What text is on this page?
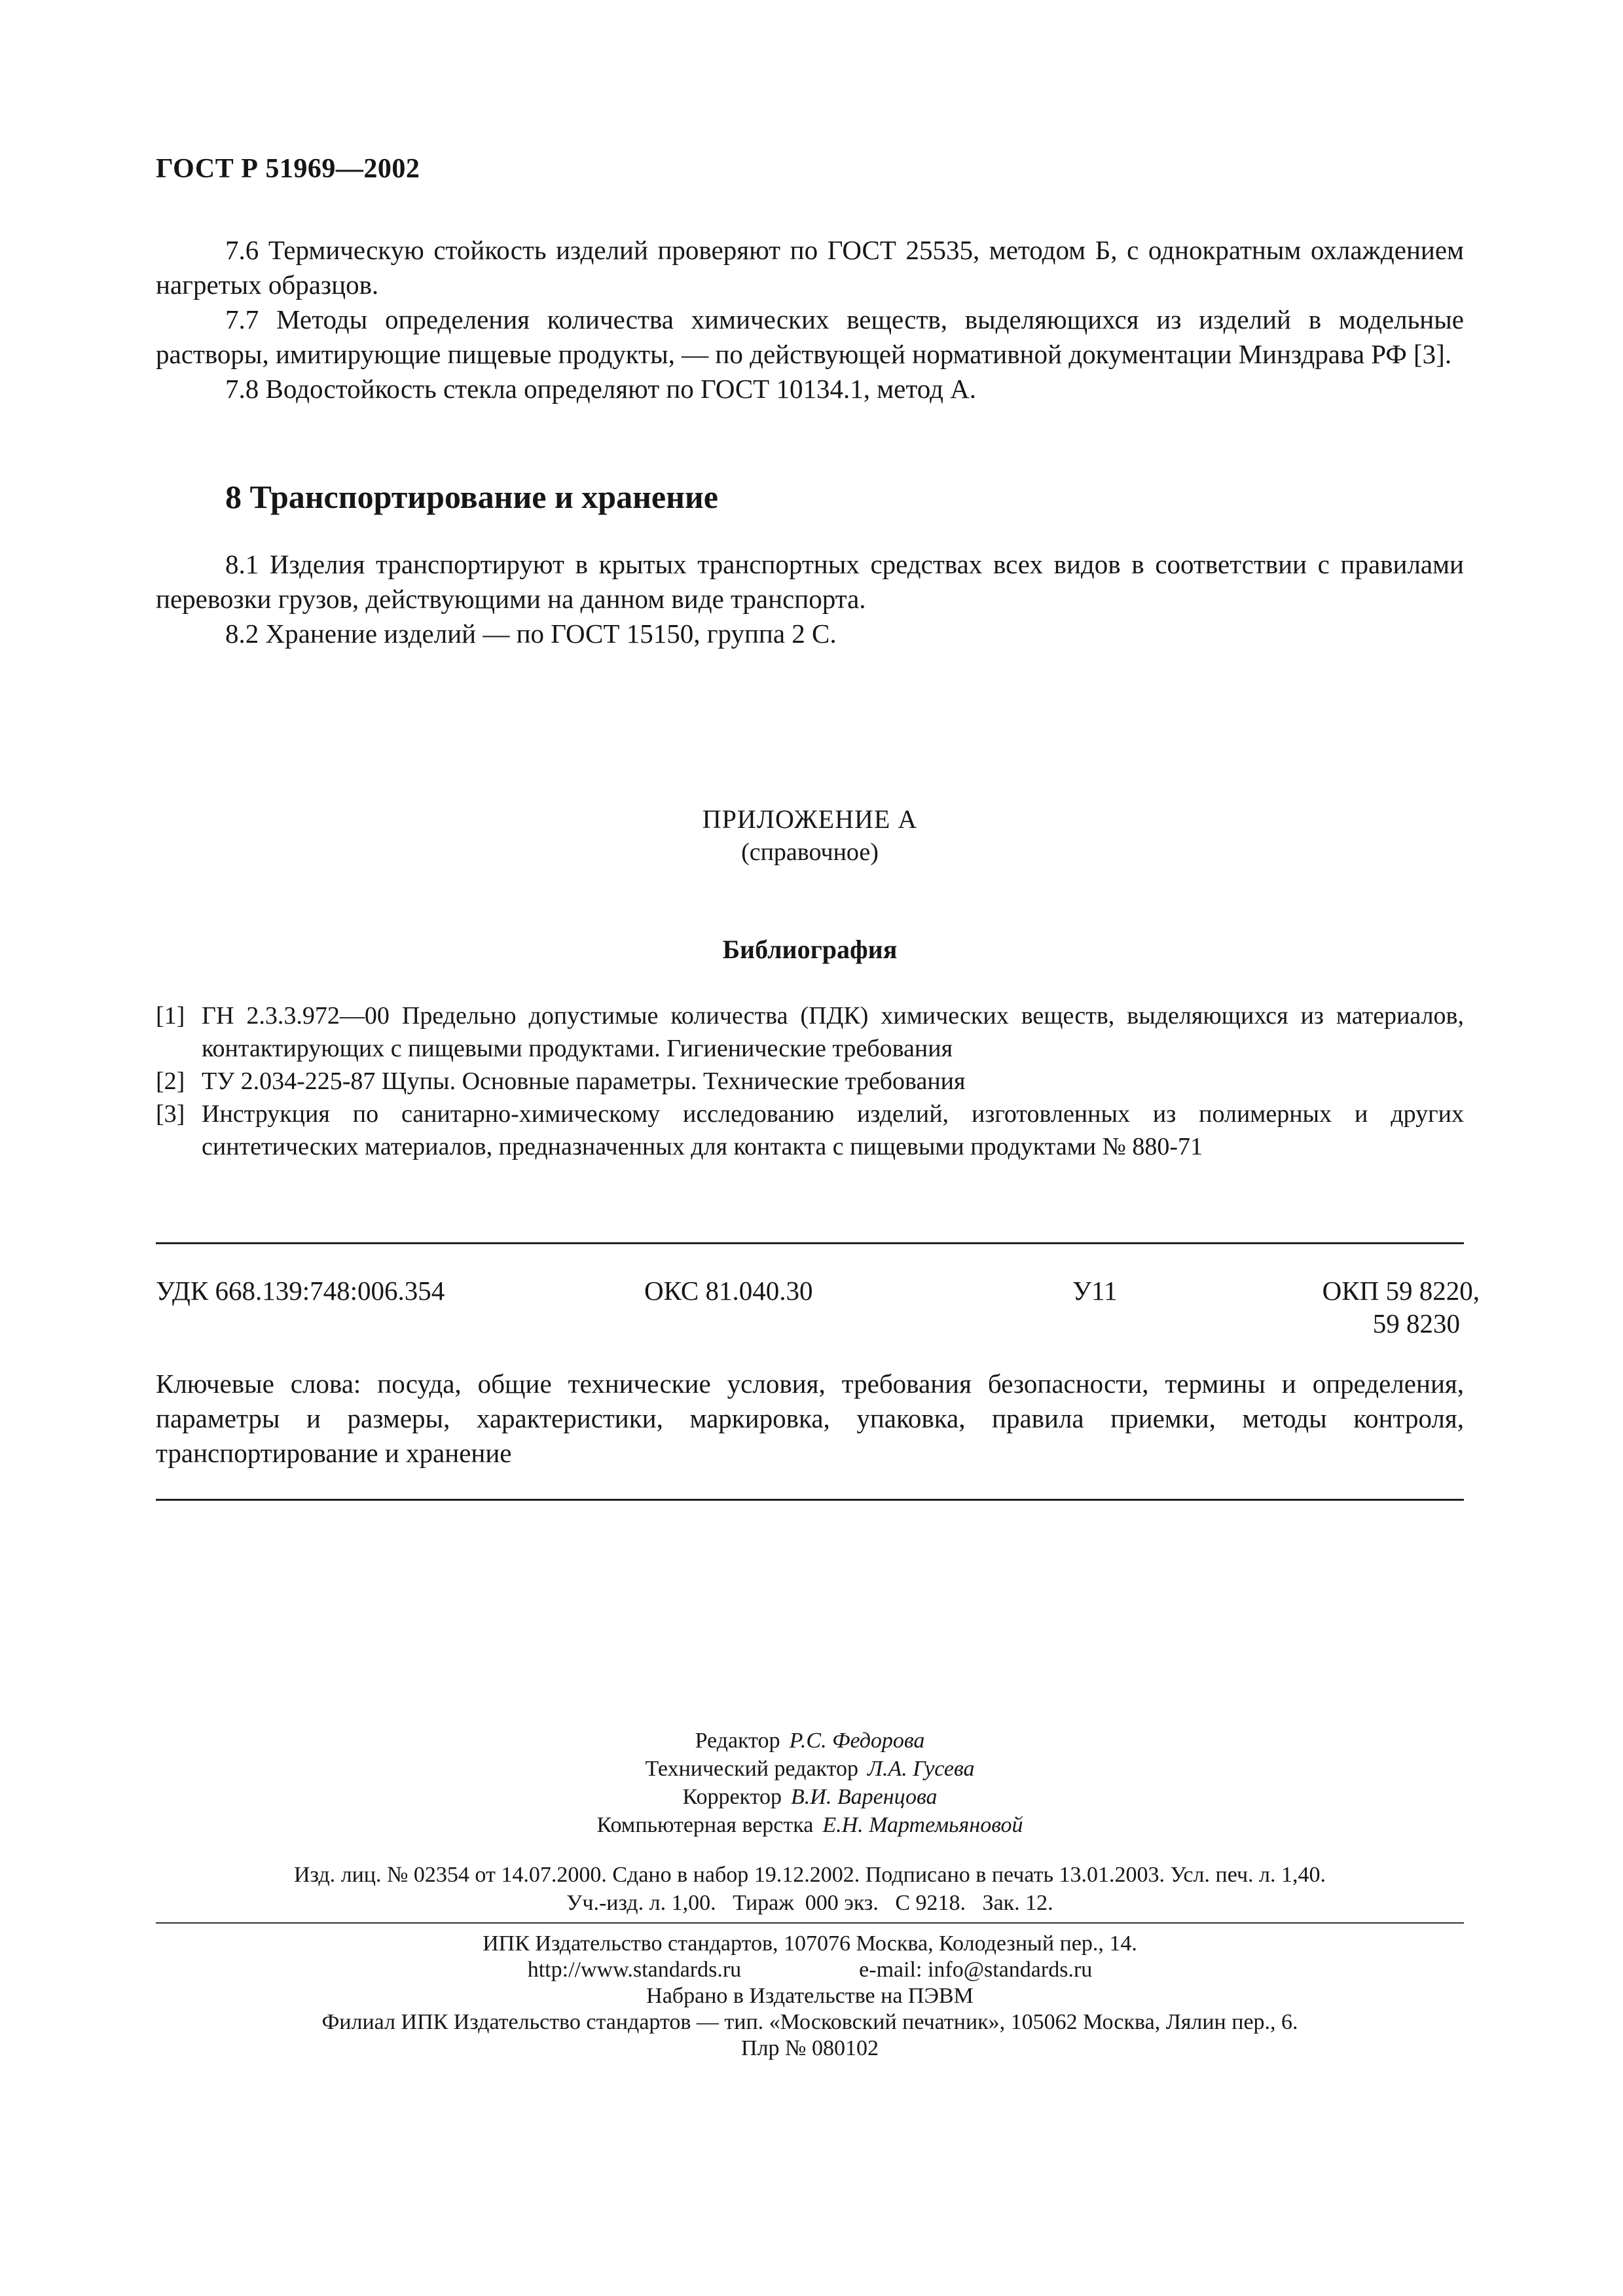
ГОСТ Р 51969—2002

7.6 Термическую стойкость изделий проверяют по ГОСТ 25535, методом Б, с однократным охлаждением нагретых образцов.

7.7 Методы определения количества химических веществ, выделяющихся из изделий в модельные растворы, имитирующие пищевые продукты, — по действующей нормативной документации Минздрава РФ [3].

7.8 Водостойкость стекла определяют по ГОСТ 10134.1, метод А.

8 Транспортирование и хранение

8.1 Изделия транспортируют в крытых транспортных средствах всех видов в соответствии с правилами перевозки грузов, действующими на данном виде транспорта.

8.2 Хранение изделий — по ГОСТ 15150, группа 2 С.

ПРИЛОЖЕНИЕ А
(справочное)
Библиография
[1] ГН 2.3.3.972—00 Предельно допустимые количества (ПДК) химических веществ, выделяющихся из материалов, контактирующих с пищевыми продуктами. Гигиенические требования
[2] ТУ 2.034-225-87 Щупы. Основные параметры. Технические требования
[3] Инструкция по санитарно-химическому исследованию изделий, изготовленных из полимерных и других синтетических материалов, предназначенных для контакта с пищевыми продуктами № 880-71
УДК 668.139:748:006.354	ОКС 81.040.30	У11	ОКП 59 8220,
59 8230
Ключевые слова: посуда, общие технические условия, требования безопасности, термины и определения, параметры и размеры, характеристики, маркировка, упаковка, правила приемки, методы контроля, транспортирование и хранение
Редактор Р.С. Федорова
Технический редактор Л.А. Гусева
Корректор В.И. Варенцова
Компьютерная верстка Е.Н. Мартемьяновой
Изд. лиц. № 02354 от 14.07.2000. Сдано в набор 19.12.2002. Подписано в печать 13.01.2003. Усл. печ. л. 1,40.
Уч.-изд. л. 1,00.   Тираж  000 экз.   С 9218.   Зак. 12.
ИПК Издательство стандартов, 107076 Москва, Колодезный пер., 14.
http://www.standards.ru	e-mail: info@standards.ru
Набрано в Издательстве на ПЭВМ
Филиал ИПК Издательство стандартов — тип. «Московский печатник», 105062 Москва, Лялин пер., 6.
Плр № 080102
